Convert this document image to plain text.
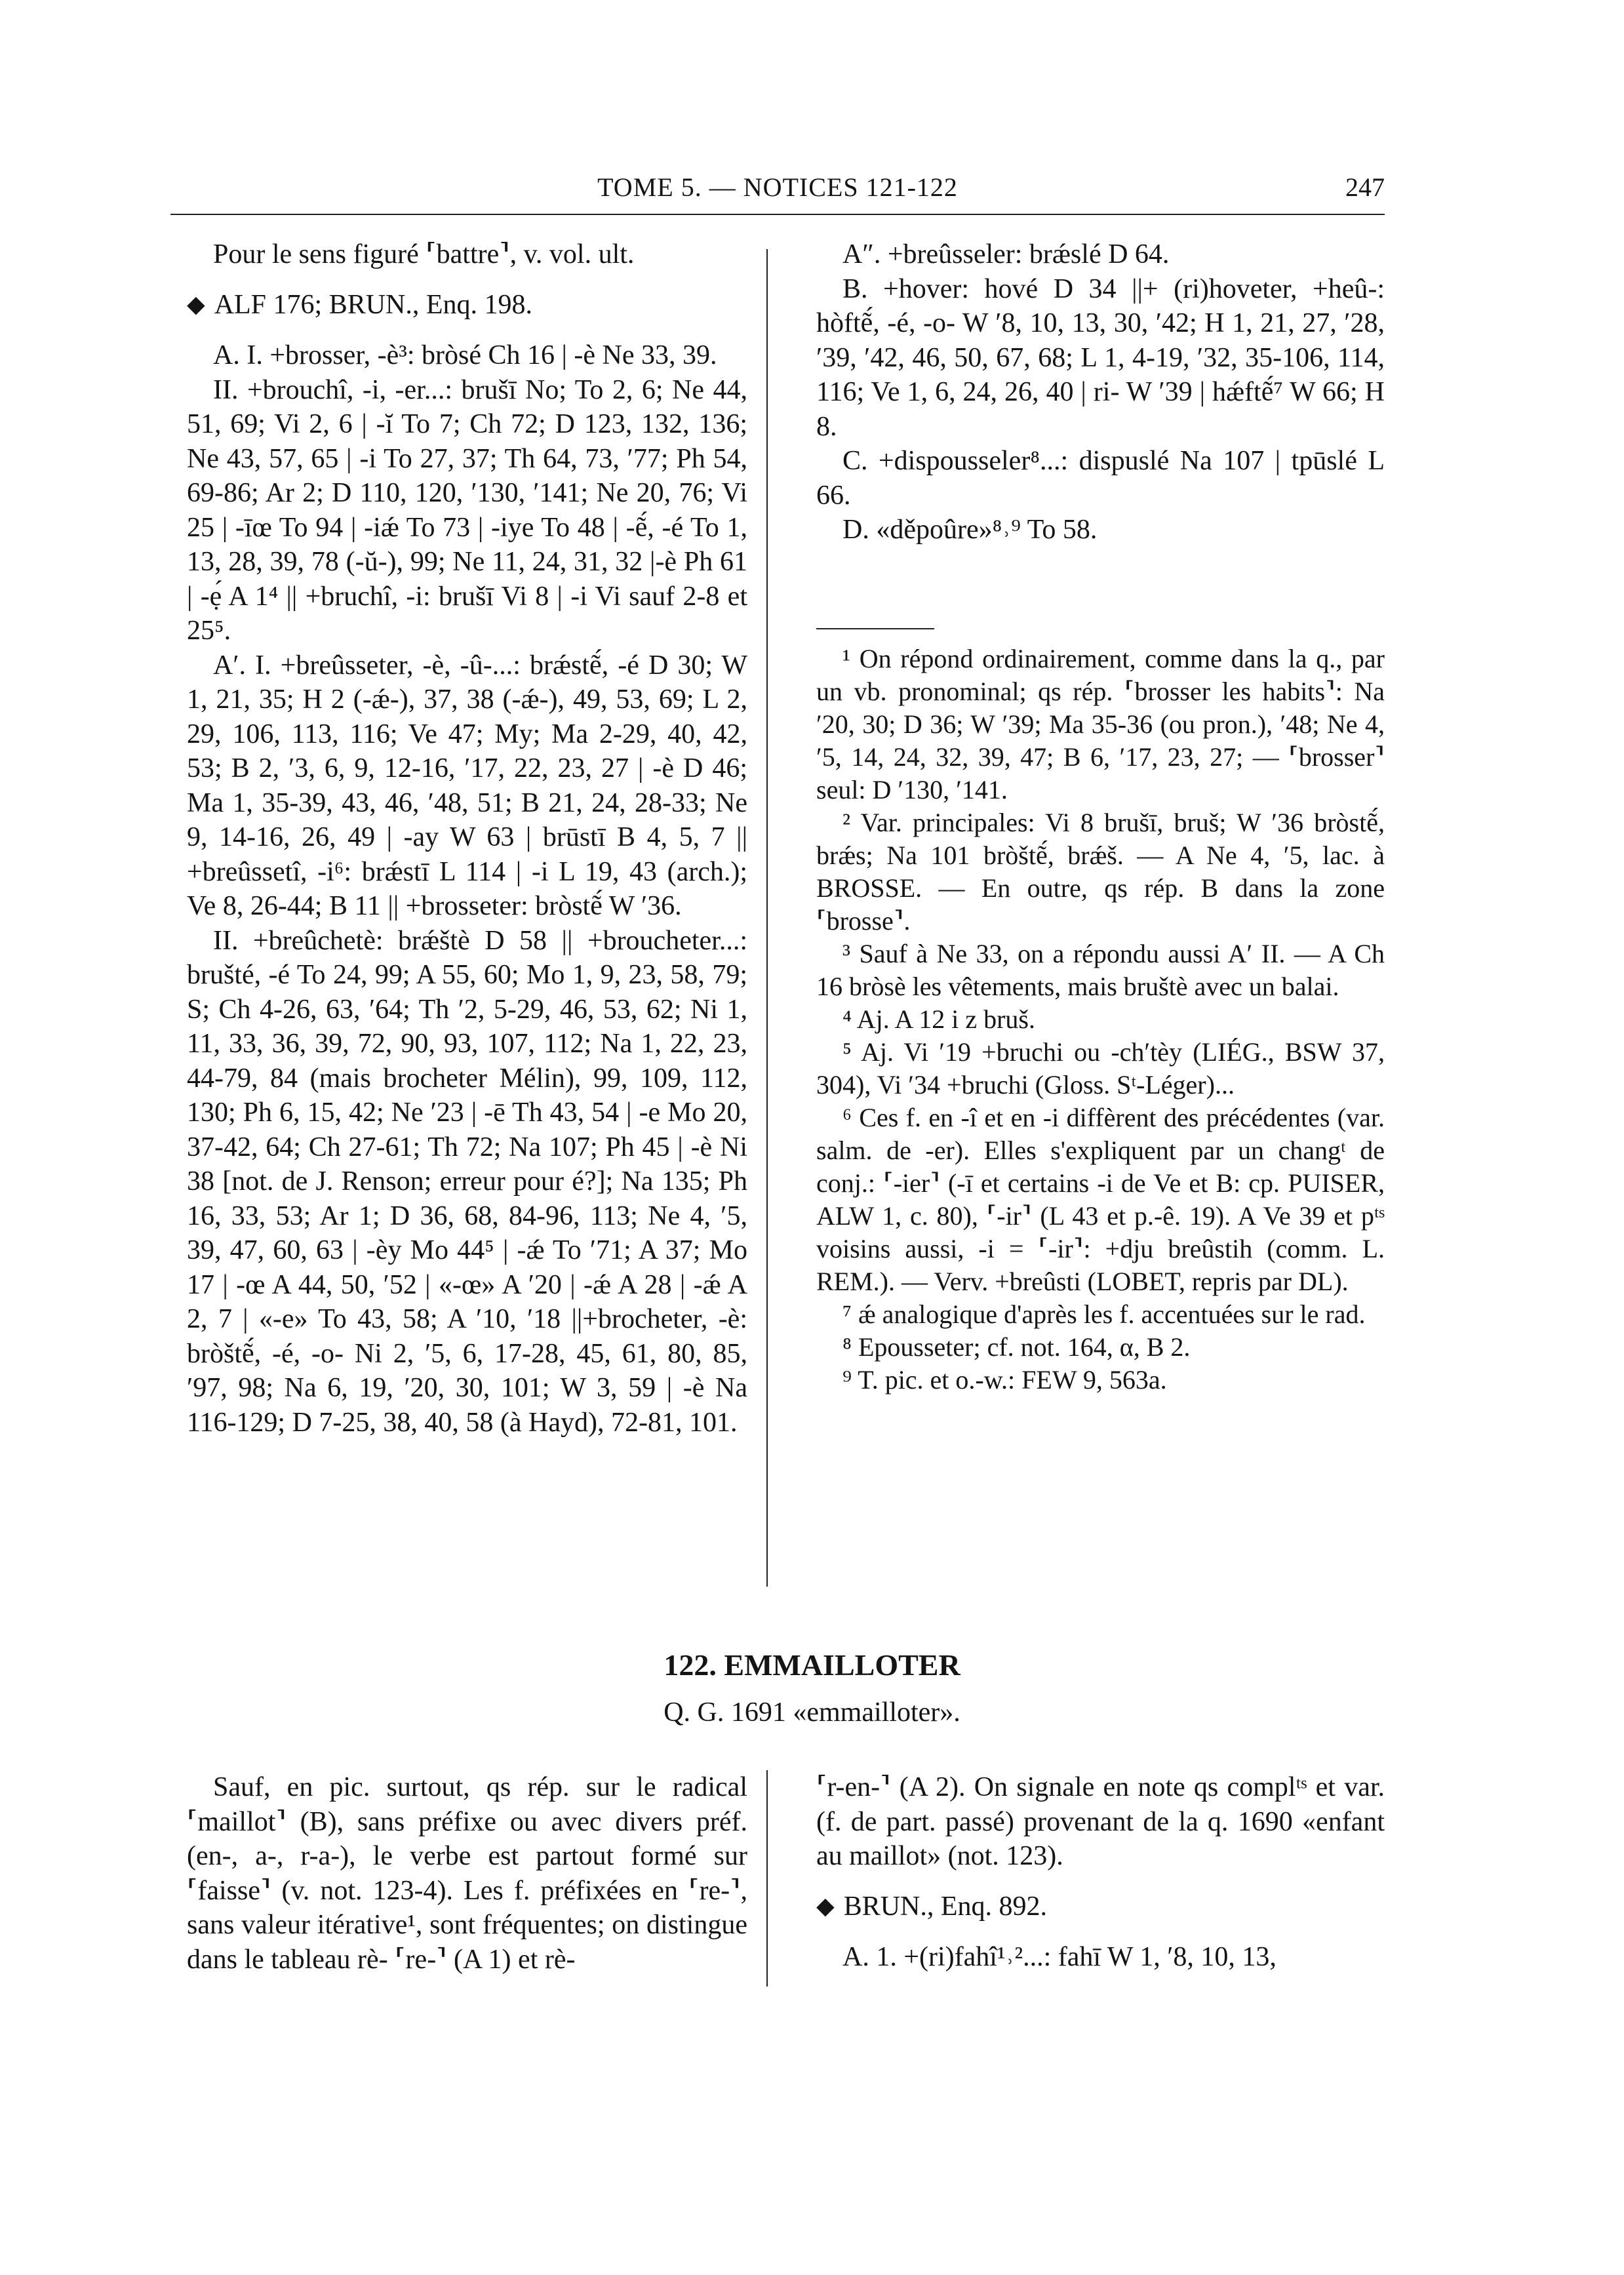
TOME 5. — NOTICES 121-122	247

Pour le sens figuré ⸢battre⸣, v. vol. ult.

◆ ALF 176; BRUN., Enq. 198.

A. I. +brosser, -è³: bròsé Ch 16 | -è Ne 33, 39.

II. +brouchî, -i, -er...: brušī No; To 2, 6; Ne 44, 51, 69; Vi 2, 6 | -ĭ To 7; Ch 72; D 123, 132, 136; Ne 43, 57, 65 | -i To 27, 37; Th 64, 73, ′77; Ph 54, 69-86; Ar 2; D 110, 120, ′130, ′141; Ne 20, 76; Vi 25 | -īœ To 94 | -iǽ To 73 | -iye To 48 | -ẽ́, -é To 1, 13, 28, 39, 78 (-ŭ-), 99; Ne 11, 24, 31, 32 |-è Ph 61 | -ẹ́ A 1⁴ || +bruchî, -i: brušī Vi 8 | -i Vi sauf 2-8 et 25⁵.

A′. I. +breûsseter, -è, -û-...: brǽstẽ́, -é D 30; W 1, 21, 35; H 2 (-ǽ-), 37, 38 (-ǽ-), 49, 53, 69; L 2, 29, 106, 113, 116; Ve 47; My; Ma 2-29, 40, 42, 53; B 2, ′3, 6, 9, 12-16, ′17, 22, 23, 27 | -è D 46; Ma 1, 35-39, 43, 46, ′48, 51; B 21, 24, 28-33; Ne 9, 14-16, 26, 49 | -ay W 63 | brūstī B 4, 5, 7 || +breûssetî, -i⁶: brǽstī L 114 | -i L 19, 43 (arch.); Ve 8, 26-44; B 11 || +brosseter: bròstẽ́ W ′36.

II. +breûchetè: brǽštè D 58 || +broucheter...: brušté, -é To 24, 99; A 55, 60; Mo 1, 9, 23, 58, 79; S; Ch 4-26, 63, ′64; Th ′2, 5-29, 46, 53, 62; Ni 1, 11, 33, 36, 39, 72, 90, 93, 107, 112; Na 1, 22, 23, 44-79, 84 (mais brocheter Mélin), 99, 109, 112, 130; Ph 6, 15, 42; Ne ′23 | -ē Th 43, 54 | -e Mo 20, 37-42, 64; Ch 27-61; Th 72; Na 107; Ph 45 | -è Ni 38 [not. de J. Renson; erreur pour é?]; Na 135; Ph 16, 33, 53; Ar 1; D 36, 68, 84-96, 113; Ne 4, ′5, 39, 47, 60, 63 | -èy Mo 44⁵ | -ǽ To ′71; A 37; Mo 17 | -œ A 44, 50, ′52 | «-œ» A ′20 | -ǽ A 28 | -ǽ A 2, 7 | «-e» To 43, 58; A ′10, ′18 ||+brocheter, -è: bròštẽ́, -é, -o- Ni 2, ′5, 6, 17-28, 45, 61, 80, 85, ′97, 98; Na 6, 19, ′20, 30, 101; W 3, 59 | -è Na 116-129; D 7-25, 38, 40, 58 (à Hayd), 72-81, 101.

A″. +breûsseler: brǽslé D 64.

B. +hover: hové D 34 ||+ (ri)hoveter, +heû-: hòftẽ́, -é, -o- W ′8, 10, 13, 30, ′42; H 1, 21, 27, ′28, ′39, ′42, 46, 50, 67, 68; L 1, 4-19, ′32, 35-106, 114, 116; Ve 1, 6, 24, 26, 40 | ri- W ′39 | hǽftẽ́⁷ W 66; H 8.

C. +dispousseler⁸...: dispuslé Na 107 | tpūslé L 66.

D. «děpoûre»⁸˒⁹ To 58.

¹ On répond ordinairement, comme dans la q., par un vb. pronominal; qs rép. ⸢brosser les habits⸣: Na ′20, 30; D 36; W ′39; Ma 35-36 (ou pron.), ′48; Ne 4, ′5, 14, 24, 32, 39, 47; B 6, ′17, 23, 27; — ⸢brosser⸣ seul: D ′130, ′141.

² Var. principales: Vi 8 brušī, bruš; W ′36 bròstẽ́, brǽs; Na 101 bròštẽ́, brǽš. — A Ne 4, ′5, lac. à BROSSE. — En outre, qs rép. B dans la zone ⸢brosse⸣.

³ Sauf à Ne 33, on a répondu aussi A′ II. — A Ch 16 bròsè les vêtements, mais bruštè avec un balai.

⁴ Aj. A 12 i z bruš.

⁵ Aj. Vi ′19 +bruchi ou -ch′tèy (LIÉG., BSW 37, 304), Vi ′34 +bruchi (Gloss. Sᵗ-Léger)...

⁶ Ces f. en -î et en -i diffèrent des précédentes (var. salm. de -er). Elles s'expliquent par un changᵗ de conj.: ⸢-ier⸣ (-ī et certains -i de Ve et B: cp. PUISER, ALW 1, c. 80), ⸢-ir⸣ (L 43 et p.-ê. 19). A Ve 39 et pᵗˢ voisins aussi, -i = ⸢-ir⸣: +dju breûstih (comm. L. REM.). — Verv. +breûsti (LOBET, repris par DL).

⁷ ǽ analogique d'après les f. accentuées sur le rad.

⁸ Epousseter; cf. not. 164, α, B 2.

⁹ T. pic. et o.-w.: FEW 9, 563a.

122. EMMAILLOTER
Q. G. 1691 «emmailloter».

Sauf, en pic. surtout, qs rép. sur le radical ⸢maillot⸣ (B), sans préfixe ou avec divers préf. (en-, a-, r-a-), le verbe est partout formé sur ⸢faisse⸣ (v. not. 123-4). Les f. préfixées en ⸢re-⸣, sans valeur itérative¹, sont fréquentes; on distingue dans le tableau rè- ⸢re-⸣ (A 1) et rè-

⸢r-en-⸣ (A 2). On signale en note qs complᵗˢ et var. (f. de part. passé) provenant de la q. 1690 «enfant au maillot» (not. 123).

◆ BRUN., Enq. 892.

A. 1. +(ri)fahî¹˒²...: fahī W 1, ′8, 10, 13,
